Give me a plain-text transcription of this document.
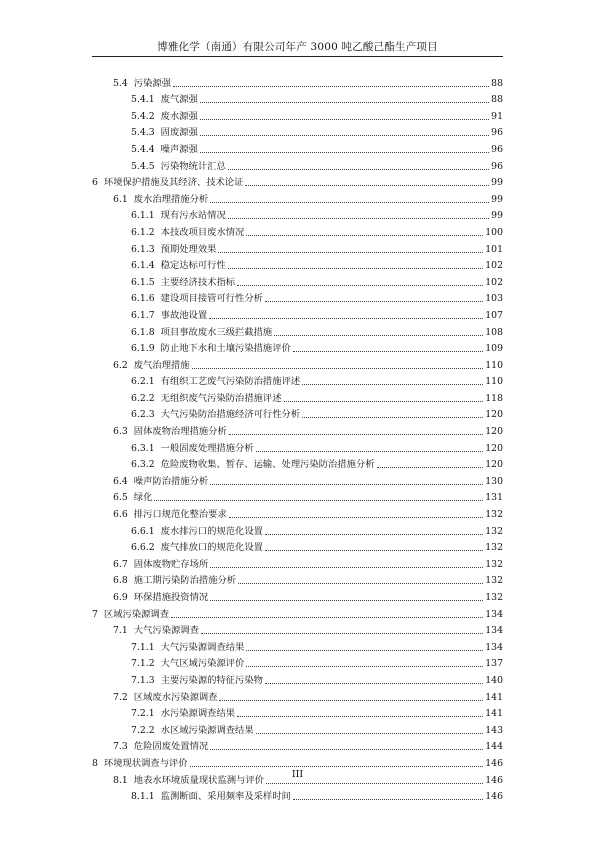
博雅化学（南通）有限公司年产 3000 吨乙酸己酯生产项目
5.4 污染源强	88
5.4.1 废气源强	88
5.4.2 废水源强	91
5.4.3 固废源强	96
5.4.4 噪声源强	96
5.4.5 污染物统计汇总	96
6 环境保护措施及其经济、技术论证	99
6.1 废水治理措施分析	99
6.1.1 现有污水站情况	99
6.1.2 本技改项目废水情况	100
6.1.3 预期处理效果	101
6.1.4 稳定达标可行性	102
6.1.5 主要经济技术指标	102
6.1.6 建设项目接管可行性分析	103
6.1.7 事故池设置	107
6.1.8 项目事故废水三级拦截措施	108
6.1.9 防止地下水和土壤污染措施评价	109
6.2 废气治理措施	110
6.2.1 有组织工艺废气污染防治措施评述	110
6.2.2 无组织废气污染防治措施评述	118
6.2.3 大气污染防治措施经济可行性分析	120
6.3 固体废物治理措施分析	120
6.3.1 一般固废处理措施分析	120
6.3.2 危险废物收集、暂存、运输、处理污染防治措施分析	120
6.4 噪声防治措施分析	130
6.5 绿化	131
6.6 排污口规范化整治要求	132
6.6.1 废水排污口的规范化设置	132
6.6.2 废气排放口的规范化设置	132
6.7 固体废物贮存场所	132
6.8 施工期污染防治措施分析	132
6.9 环保措施投资情况	132
7 区域污染源调查	134
7.1 大气污染源调查	134
7.1.1 大气污染源调查结果	134
7.1.2 大气区域污染源评价	137
7.1.3 主要污染源的特征污染物	140
7.2 区域废水污染源调查	141
7.2.1 水污染源调查结果	141
7.2.2 水区域污染源调查结果	143
7.3 危险固废处置情况	144
8 环境现状调查与评价	146
8.1 地表水环境质量现状监测与评价	146
8.1.1 监测断面、采用频率及采样时间	146
III
